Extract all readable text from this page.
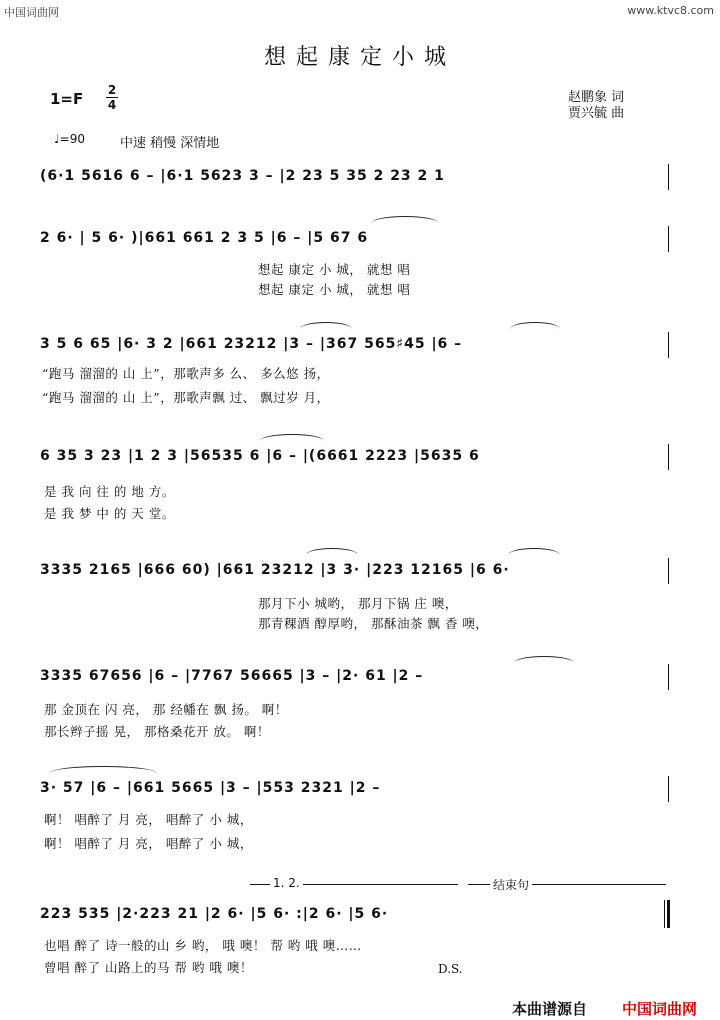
中国词曲网	www.ktvc8.com
想起康定小城
1=F 2
4	赵鹏象 词
贾兴毓 曲
♩=90	中速 稍慢 深情地
(6·1 5616 6 – |6·1 5623 3 – |2 23 5 35 2 23 2 1
2 6· | 5 6· )|661 661 2 3 5 |6 – |5 67 6
想起 康定 小 城， 就想 唱
想起 康定 小 城， 就想 唱
3 5 6 65 |6· 3 2 |661 23212 |3 – |367 565♯45 |6 –
“跑马 溜溜的 山 上”，那歌声多 么、 多么悠 扬，
“跑马 溜溜的 山 上”，那歌声飘 过、 飘过岁 月，
6 35 3 23 |1 2 3 |56535 6 |6 – |(6661 2223 |5635 6
是 我 向 往 的 地 方。
是 我 梦 中 的 天 堂。
3335 2165 |666 60) |661 23212 |3 3· |223 12165 |6 6·
那月下小 城哟， 那月下锅 庄 噢，
那青稞酒 醇厚哟， 那酥油茶 飘 香 噢，
3335 67656 |6 – |7767 56665 |3 – |2· 61 |2 –
那 金顶在 闪 亮， 那 经幡在 飘 扬。 啊！
那长辫子摇 晃， 那格桑花开 放。 啊！
3· 57 |6 – |661 5665 |3 – |553 2321 |2 –
啊！ 唱醉了 月 亮， 唱醉了 小 城，
啊！ 唱醉了 月 亮， 唱醉了 小 城，
1. 2.	结束句
223 535 |2·223 21 |2 6· |5 6· :|2 6· |5 6·
也唱 醉了 诗一般的山 乡 哟， 哦 噢！ 帮 哟 哦 噢……
曾唱 醉了 山路上的马 帮 哟 哦 噢！	D.S.
本曲谱源自 中国词曲网
